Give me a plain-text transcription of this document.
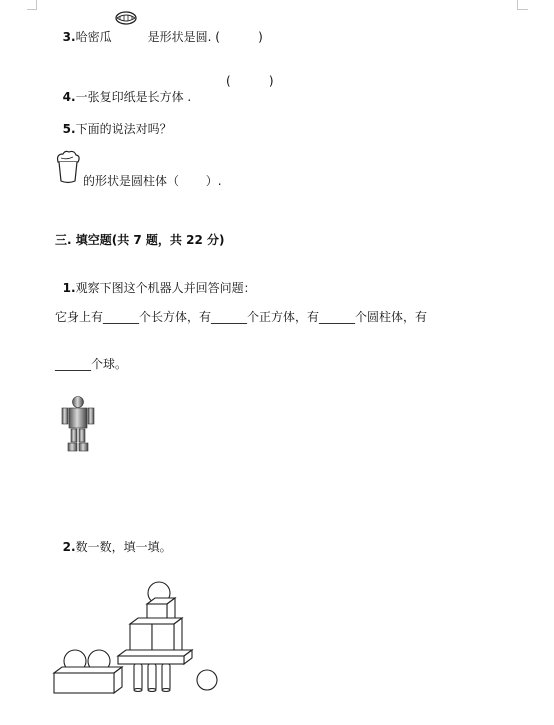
3.哈密瓜	是形状是圆. (          )

4.一张复印纸是长方体 .

(          )

5.下面的说法对吗？

的形状是圆柱体（       ）.
三. 填空题(共 7 题，共 22 分)

1.观察下图这个机器人并回答问题：

它身上有______个长方体，有______个正方体，有______个圆柱体，有
______个球。

2.数一数，填一填。
